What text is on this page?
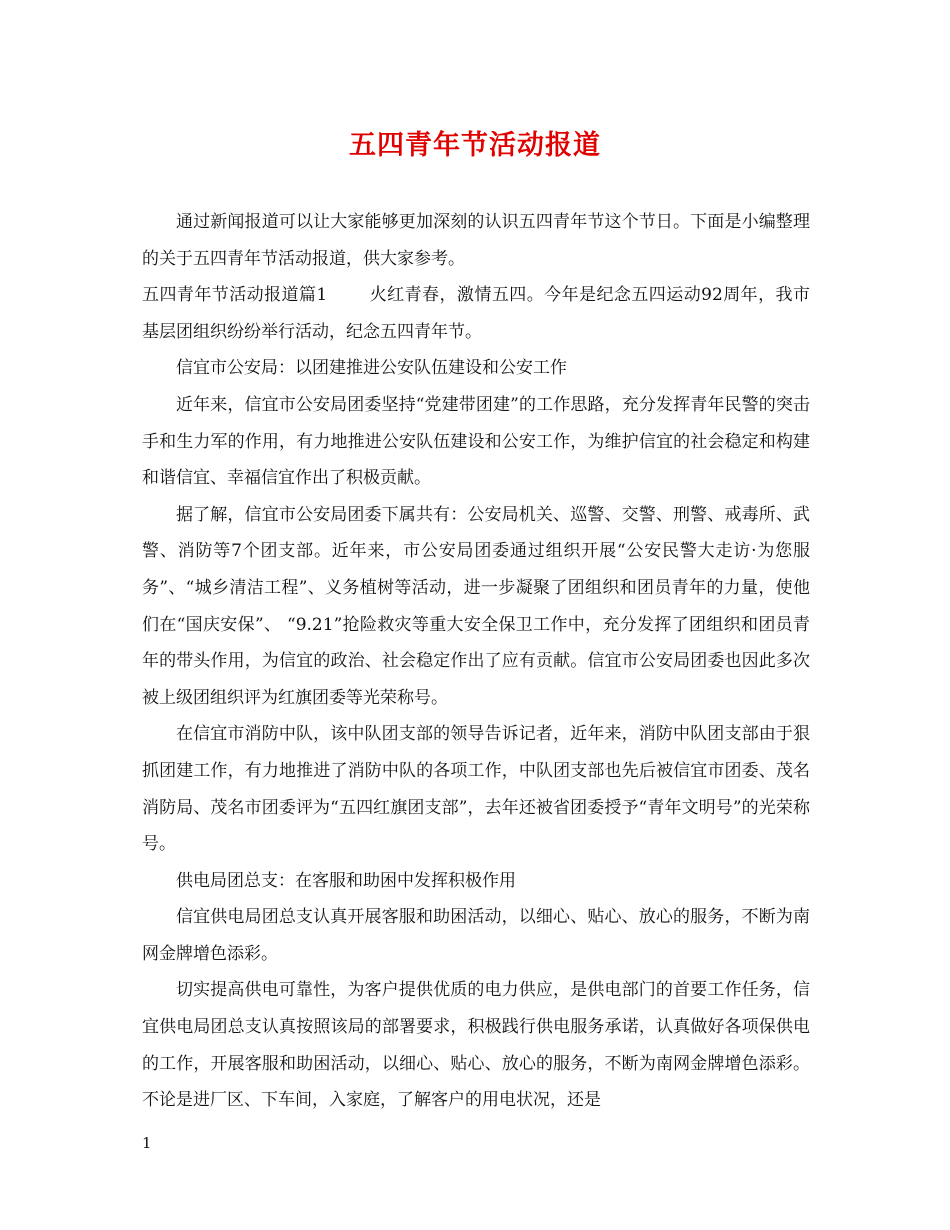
五四青年节活动报道

通过新闻报道可以让大家能够更加深刻的认识五四青年节这个节日。下面是小编整理的关于五四青年节活动报道，供大家参考。

五四青年节活动报道篇1 火红青春，激情五四。今年是纪念五四运动92周年，我市基层团组织纷纷举行活动，纪念五四青年节。

信宜市公安局：以团建推进公安队伍建设和公安工作

近年来，信宜市公安局团委坚持“党建带团建”的工作思路，充分发挥青年民警的突击手和生力军的作用，有力地推进公安队伍建设和公安工作，为维护信宜的社会稳定和构建和谐信宜、幸福信宜作出了积极贡献。

据了解，信宜市公安局团委下属共有：公安局机关、巡警、交警、刑警、戒毒所、武警、消防等7个团支部。近年来，市公安局团委通过组织开展“公安民警大走访·为您服务”、“城乡清洁工程”、义务植树等活动，进一步凝聚了团组织和团员青年的力量，使他们在“国庆安保”、 “9.21”抢险救灾等重大安全保卫工作中，充分发挥了团组织和团员青年的带头作用，为信宜的政治、社会稳定作出了应有贡献。信宜市公安局团委也因此多次被上级团组织评为红旗团委等光荣称号。

在信宜市消防中队，该中队团支部的领导告诉记者，近年来，消防中队团支部由于狠抓团建工作，有力地推进了消防中队的各项工作，中队团支部也先后被信宜市团委、茂名消防局、茂名市团委评为“五四红旗团支部”，去年还被省团委授予“青年文明号”的光荣称号。

供电局团总支：在客服和助困中发挥积极作用

信宜供电局团总支认真开展客服和助困活动，以细心、贴心、放心的服务，不断为南网金牌增色添彩。

切实提高供电可靠性，为客户提供优质的电力供应，是供电部门的首要工作任务，信宜供电局团总支认真按照该局的部署要求，积极践行供电服务承诺，认真做好各项保供电的工作，开展客服和助困活动，以细心、贴心、放心的服务，不断为南网金牌增色添彩。不论是进厂区、下车间，入家庭，了解客户的用电状况，还是

1
